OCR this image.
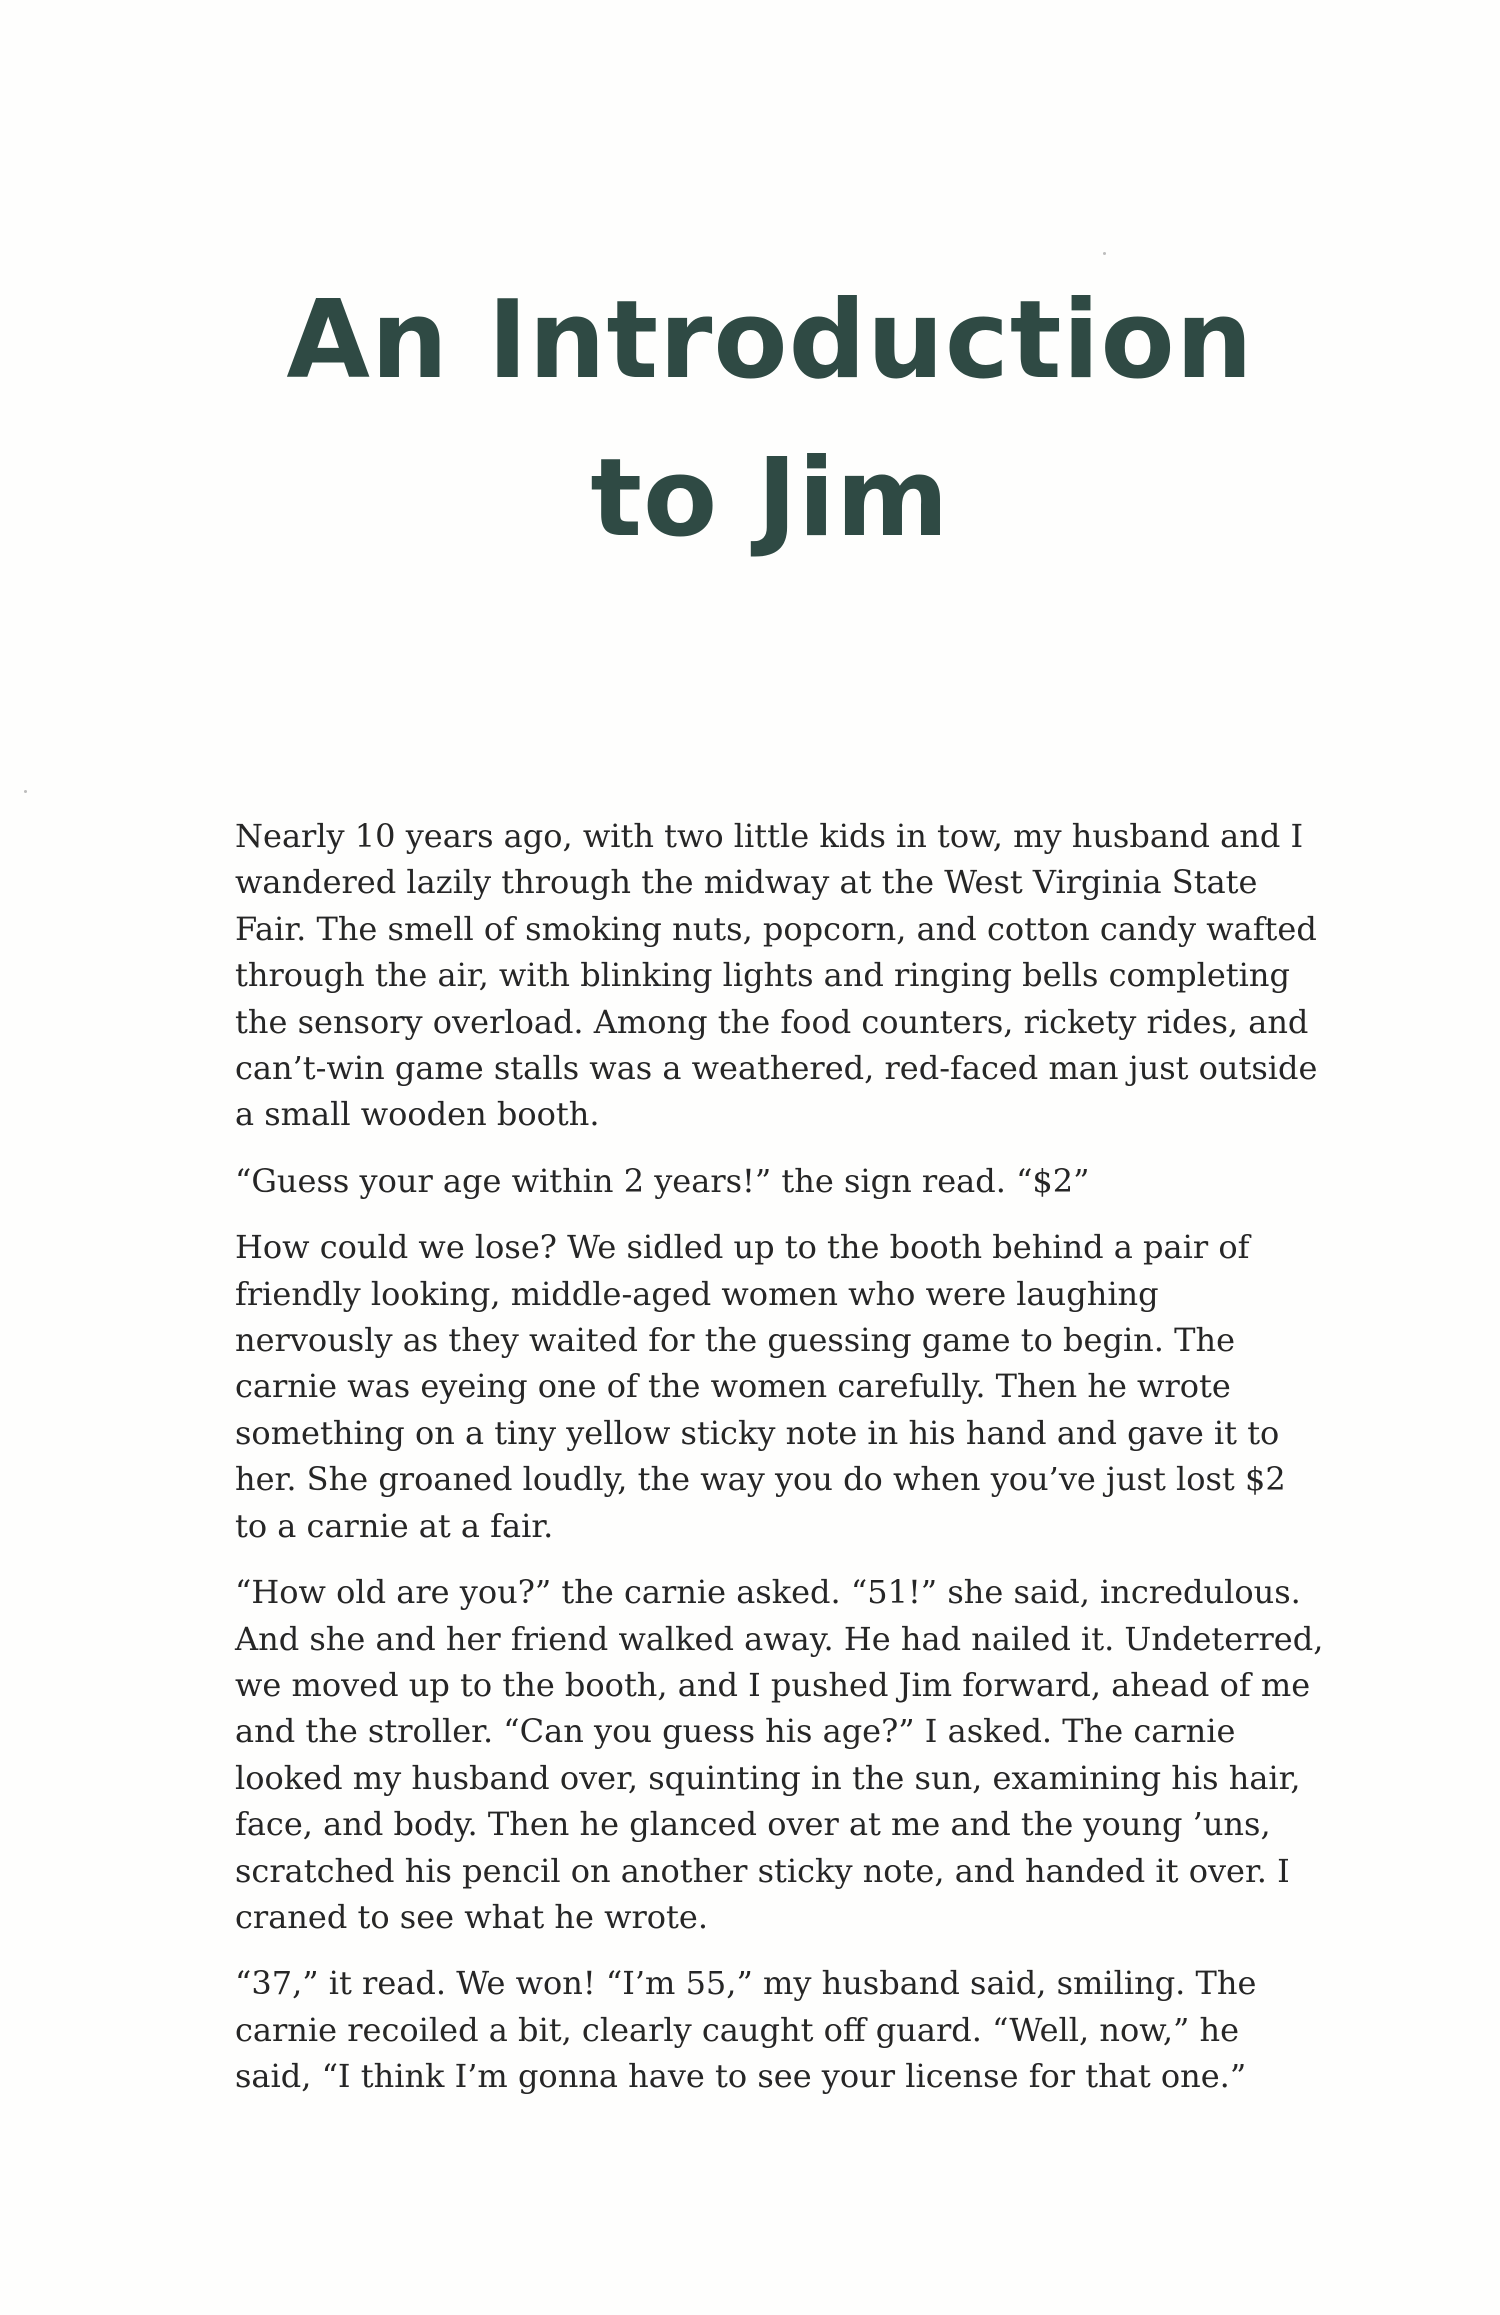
An Introduction
to Jim

Nearly 10 years ago, with two little kids in tow, my husband and I wandered lazily through the midway at the West Virginia State Fair. The smell of smoking nuts, popcorn, and cotton candy wafted through the air, with blinking lights and ringing bells completing the sensory overload. Among the food counters, rickety rides, and can’t-win game stalls was a weathered, red-faced man just outside a small wooden booth.

“Guess your age within 2 years!” the sign read. “$2”

How could we lose? We sidled up to the booth behind a pair of friendly looking, middle-aged women who were laughing nervously as they waited for the guessing game to begin. The carnie was eyeing one of the women carefully. Then he wrote something on a tiny yellow sticky note in his hand and gave it to her. She groaned loudly, the way you do when you’ve just lost $2 to a carnie at a fair.

“How old are you?” the carnie asked. “51!” she said, incredulous. And she and her friend walked away. He had nailed it. Undeterred, we moved up to the booth, and I pushed Jim forward, ahead of me and the stroller. “Can you guess his age?” I asked. The carnie looked my husband over, squinting in the sun, examining his hair, face, and body. Then he glanced over at me and the young ’uns, scratched his pencil on another sticky note, and handed it over. I craned to see what he wrote.

“37,” it read. We won! “I’m 55,” my husband said, smiling. The carnie recoiled a bit, clearly caught off guard. “Well, now,” he said, “I think I’m gonna have to see your license for that one.”
